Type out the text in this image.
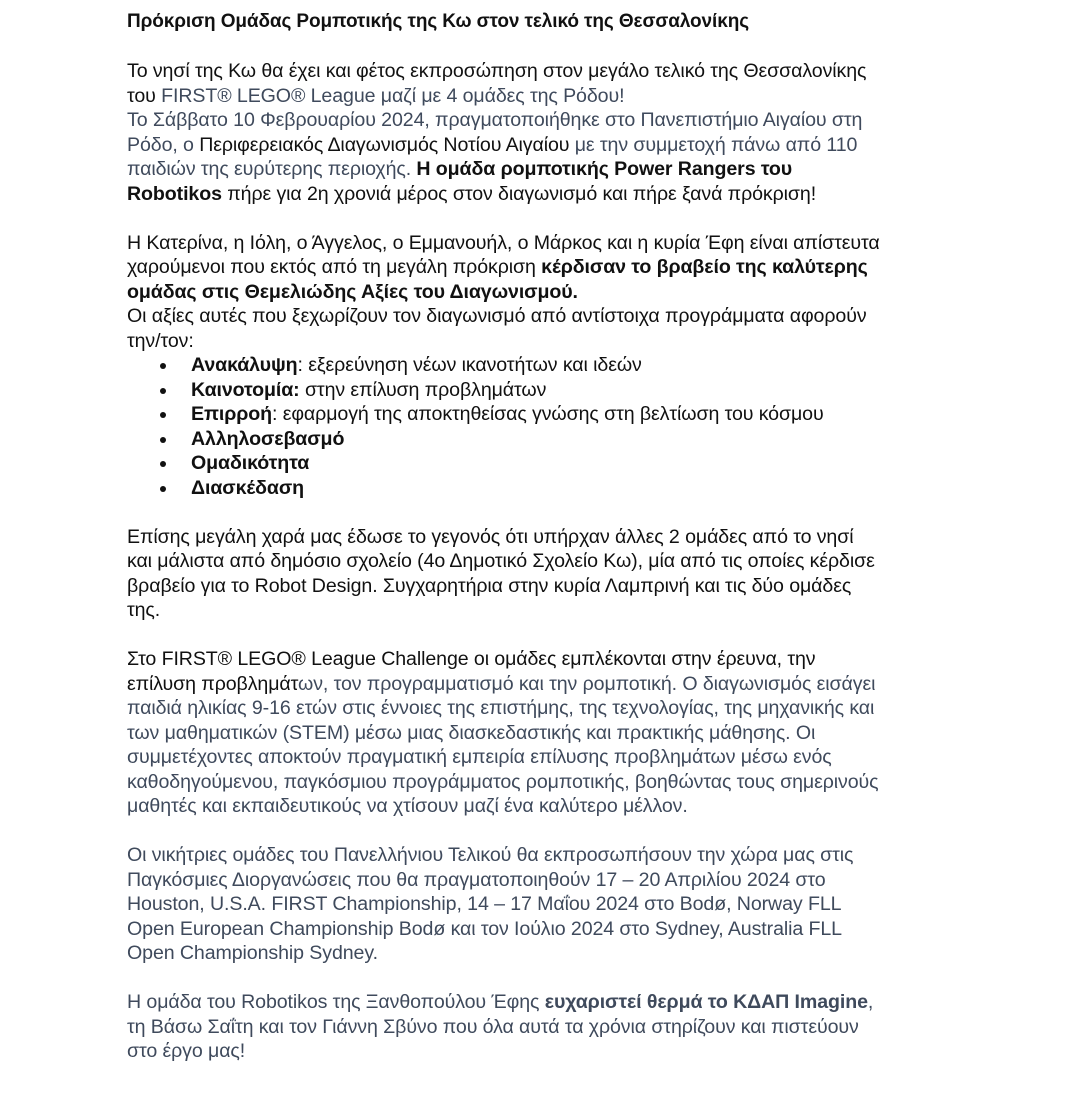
Πρόκριση Ομάδας Ρομποτικής της Κω στον τελικό της Θεσσαλονίκης
Το νησί της Κω θα έχει και φέτος εκπροσώπηση στον μεγάλο τελικό της Θεσσαλονίκης
του FIRST® LEGO® League μαζί με 4 ομάδες της Ρόδου!
Το Σάββατο 10 Φεβρουαρίου 2024, πραγματοποιήθηκε στο Πανεπιστήμιο Αιγαίου στη
Ρόδο, ο Περιφερειακός Διαγωνισμός Νοτίου Αιγαίου με την συμμετοχή πάνω από 110
παιδιών της ευρύτερης περιοχής. Η ομάδα ρομποτικής Power Rangers του
Robotikos πήρε για 2η χρονιά μέρος στον διαγωνισμό και πήρε ξανά πρόκριση!
Η Κατερίνα, η Ιόλη, ο Άγγελος, ο Εμμανουήλ, ο Μάρκος και η κυρία Έφη είναι απίστευτα
χαρούμενοι που εκτός από τη μεγάλη πρόκριση κέρδισαν το βραβείο της καλύτερης
ομάδας στις Θεμελιώδης Αξίες του Διαγωνισμού.
Οι αξίες αυτές που ξεχωρίζουν τον διαγωνισμό από αντίστοιχα προγράμματα αφορούν
την/τον:
Ανακάλυψη: εξερεύνηση νέων ικανοτήτων και ιδεών
Καινοτομία: στην επίλυση προβλημάτων
Επιρροή: εφαρμογή της αποκτηθείσας γνώσης στη βελτίωση του κόσμου
Αλληλοσεβασμό
Ομαδικότητα
Διασκέδαση
Επίσης μεγάλη χαρά μας έδωσε το γεγονός ότι υπήρχαν άλλες 2 ομάδες από το νησί
και μάλιστα από δημόσιο σχολείο (4ο Δημοτικό Σχολείο Κω), μία από τις οποίες κέρδισε
βραβείο για το Robot Design. Συγχαρητήρια στην κυρία Λαμπρινή και τις δύο ομάδες
της.
Στο FIRST® LEGO® League Challenge οι ομάδες εμπλέκονται στην έρευνα, την
επίλυση προβλημάτων, τον προγραμματισμό και την ρομποτική. Ο διαγωνισμός εισάγει
παιδιά ηλικίας 9-16 ετών στις έννοιες της επιστήμης, της τεχνολογίας, της μηχανικής και
των μαθηματικών (STEM) μέσω μιας διασκεδαστικής και πρακτικής μάθησης. Οι
συμμετέχοντες αποκτούν πραγματική εμπειρία επίλυσης προβλημάτων μέσω ενός
καθοδηγούμενου, παγκόσμιου προγράμματος ρομποτικής, βοηθώντας τους σημερινούς
μαθητές και εκπαιδευτικούς να χτίσουν μαζί ένα καλύτερο μέλλον.
Οι νικήτριες ομάδες του Πανελλήνιου Τελικού θα εκπροσωπήσουν την χώρα μας στις
Παγκόσμιες Διοργανώσεις που θα πραγματοποιηθούν 17 – 20 Απριλίου 2024 στο
Houston, U.S.A. FIRST Championship, 14 – 17 Μαΐου 2024 στο Bodø, Norway FLL
Open European Championship Bodø και τον Ιούλιο 2024 στο Sydney, Australia FLL
Open Championship Sydney.
Η ομάδα του Robotikos της Ξανθοπούλου Έφης ευχαριστεί θερμά το ΚΔΑΠ Imagine,
τη Βάσω Σαΐτη και τον Γιάννη Σβύνο που όλα αυτά τα χρόνια στηρίζουν και πιστεύουν
στο έργο μας!
